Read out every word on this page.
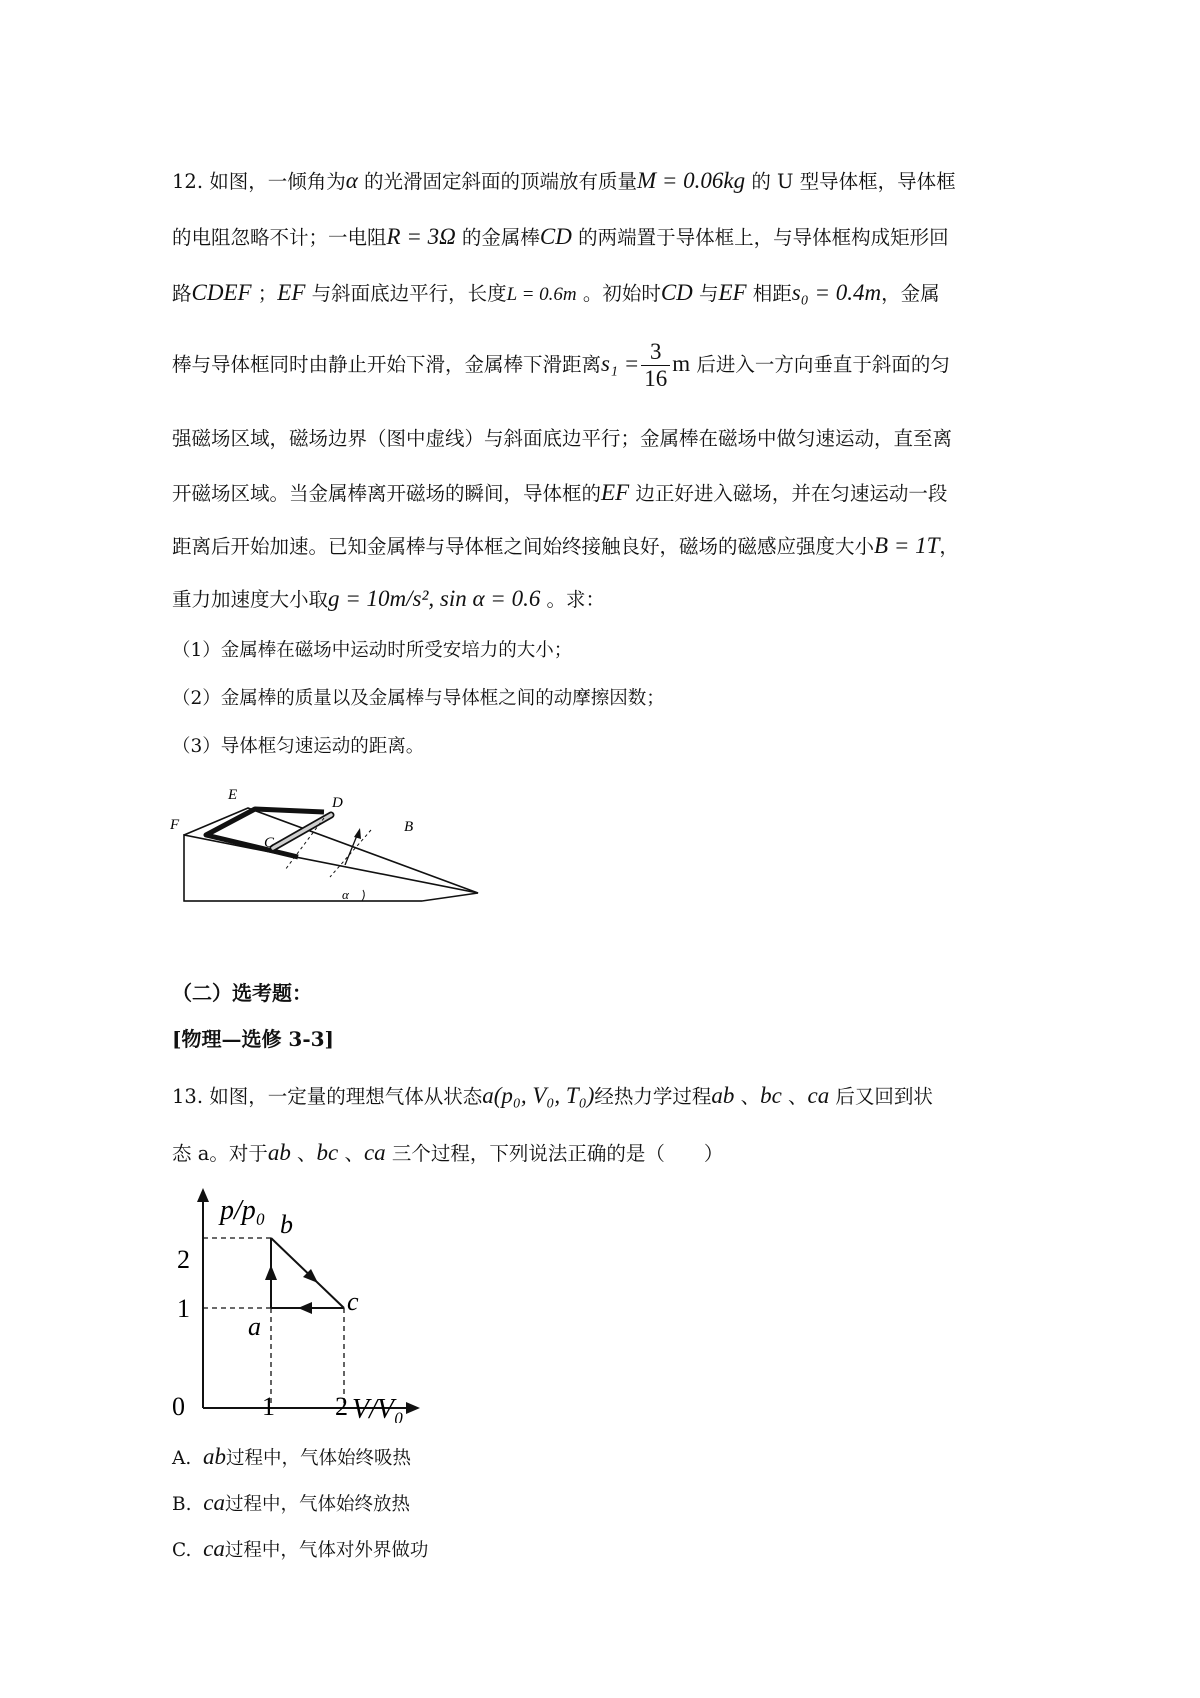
12. 如图，一倾角为α 的光滑固定斜面的顶端放有质量M = 0.06kg 的 U 型导体框，导体框
的电阻忽略不计；一电阻R = 3Ω 的金属棒CD 的两端置于导体框上，与导体框构成矩形回
路CDEF ；EF 与斜面底边平行，长度L = 0.6m 。初始时CD 与EF 相距s₀ = 0.4m，金属
棒与导体框同时由静止开始下滑，金属棒下滑距离$s_1 = \frac{3}{16}$ m 后进入一方向垂直于斜面的匀
强磁场区域，磁场边界（图中虚线）与斜面底边平行；金属棒在磁场中做匀速运动，直至离
开磁场区域。当金属棒离开磁场的瞬间，导体框的EF 边正好进入磁场，并在匀速运动一段
距离后开始加速。已知金属棒与导体框之间始终接触良好，磁场的磁感应强度大小B = 1T，
重力加速度大小取g = 10m/s², sin α = 0.6 。求：
（1）金属棒在磁场中运动时所受安培力的大小；
（2）金属棒的质量以及金属棒与导体框之间的动摩擦因数；
（3）导体框匀速运动的距离。
α
E
F
D
C
B
（二）选考题：
[物理—选修 3-3]
13. 如图，一定量的理想气体从状态a(p₀, V₀, T₀)经热力学过程ab 、bc 、ca 后又回到状
态 a。对于ab 、bc 、ca 三个过程，下列说法正确的是（　　）
p/p₀
V/V₀
0	1 2
1
2
a
b
c
A. ab过程中，气体始终吸热
B. ca过程中，气体始终放热
C. ca过程中，气体对外界做功
